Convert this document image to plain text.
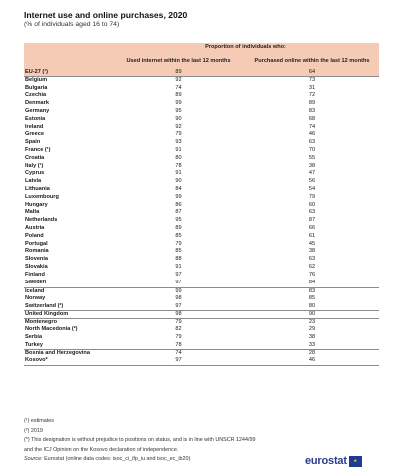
Internet use and online purchases, 2020
(% of individuals aged 16 to 74)
	Proportion of individuals who:	
	Used internet within the last 12 months	Purchased online within the last 12 months
EU-27 (¹)	89	64
Belgium	92	73
Bulgaria	74	31
Czechia	89	72
Denmark	99	89
Germany	95	83
Estonia	90	68
Ireland	92	74
Greece	79	46
Spain	93	63
France (¹)	91	70
Croatia	80	55
Italy (¹)	78	38
Cyprus	91	47
Latvia	90	56
Lithuania	84	54
Luxembourg	99	79
Hungary	86	60
Malta	87	63
Netherlands	95	87
Austria	89	66
Poland	85	61
Portugal	79	45
Romania	85	38
Slovenia	88	63
Slovakia	91	62
Finland	97	76
Sweden	97	84
Iceland	99	83
Norway	98	85
Switzerland (²)	97	80
United Kingdom	98	90
Montenegro	79	23
North Macedonia (²)	82	29
Serbia	79	38
Turkey	78	33
Bosnia and Herzegovina	74	28
Kosovo*	97	46
(¹) estimates
(²) 2019
(*) This designation is without prejudice to positions on status, and is in line with UNSCR 1244/99
and the ICJ Opinion on the Kosovo declaration of independence.
Source: Eurostat (online data codes: isoc_ci_ifp_iu and isoc_ec_ib20)	eurostat ★
